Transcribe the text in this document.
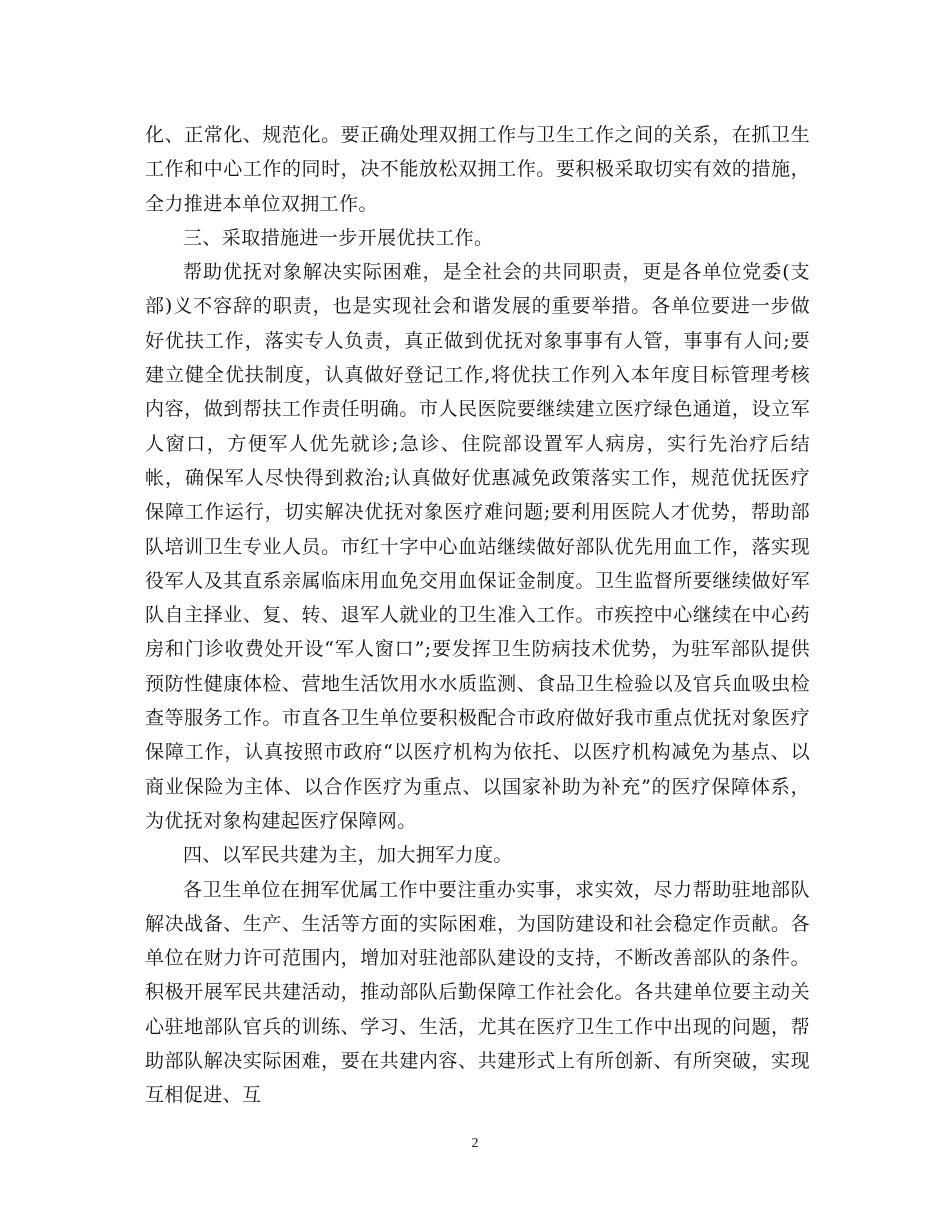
化、正常化、规范化。要正确处理双拥工作与卫生工作之间的关系，在抓卫生工作和中心工作的同时，决不能放松双拥工作。要积极采取切实有效的措施，全力推进本单位双拥工作。

三、采取措施进一步开展优扶工作。

帮助优抚对象解决实际困难，是全社会的共同职责，更是各单位党委(支部)义不容辞的职责，也是实现社会和谐发展的重要举措。各单位要进一步做好优扶工作，落实专人负责，真正做到优抚对象事事有人管，事事有人问;要建立健全优扶制度，认真做好登记工作,将优扶工作列入本年度目标管理考核内容，做到帮扶工作责任明确。市人民医院要继续建立医疗绿色通道，设立军人窗口，方便军人优先就诊;急诊、住院部设置军人病房，实行先治疗后结帐，确保军人尽快得到救治;认真做好优惠减免政策落实工作，规范优抚医疗保障工作运行，切实解决优抚对象医疗难问题;要利用医院人才优势，帮助部队培训卫生专业人员。市红十字中心血站继续做好部队优先用血工作，落实现役军人及其直系亲属临床用血免交用血保证金制度。卫生监督所要继续做好军队自主择业、复、转、退军人就业的卫生准入工作。市疾控中心继续在中心药房和门诊收费处开设“军人窗口”;要发挥卫生防病技术优势，为驻军部队提供预防性健康体检、营地生活饮用水水质监测、食品卫生检验以及官兵血吸虫检查等服务工作。市直各卫生单位要积极配合市政府做好我市重点优抚对象医疗保障工作，认真按照市政府“以医疗机构为依托、以医疗机构减免为基点、以商业保险为主体、以合作医疗为重点、以国家补助为补充”的医疗保障体系，为优抚对象构建起医疗保障网。

四、以军民共建为主，加大拥军力度。

各卫生单位在拥军优属工作中要注重办实事，求实效，尽力帮助驻地部队解决战备、生产、生活等方面的实际困难，为国防建设和社会稳定作贡献。各单位在财力许可范围内，增加对驻池部队建设的支持，不断改善部队的条件。积极开展军民共建活动，推动部队后勤保障工作社会化。各共建单位要主动关心驻地部队官兵的训练、学习、生活，尤其在医疗卫生工作中出现的问题，帮助部队解决实际困难，要在共建内容、共建形式上有所创新、有所突破，实现互相促进、互

2
